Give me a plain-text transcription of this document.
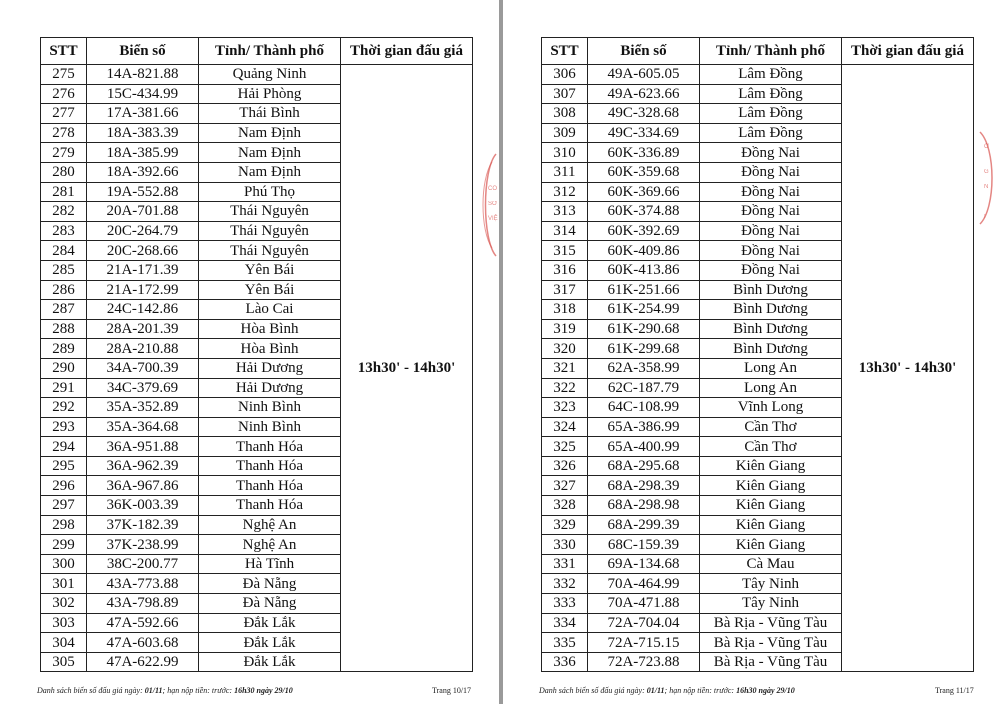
STT	Biển số	Tỉnh/ Thành phố	Thời gian đấu giá
275	14A-821.88	Quảng Ninh	13h30' - 14h30'
276	15C-434.99	Hải Phòng	
277	17A-381.66	Thái Bình	
278	18A-383.39	Nam Định	
279	18A-385.99	Nam Định	
280	18A-392.66	Nam Định	
281	19A-552.88	Phú Thọ	
282	20A-701.88	Thái Nguyên	
283	20C-264.79	Thái Nguyên	
284	20C-268.66	Thái Nguyên	
285	21A-171.39	Yên Bái	
286	21A-172.99	Yên Bái	
287	24C-142.86	Lào Cai	
288	28A-201.39	Hòa Bình	
289	28A-210.88	Hòa Bình	
290	34A-700.39	Hải Dương	
291	34C-379.69	Hải Dương	
292	35A-352.89	Ninh Bình	
293	35A-364.68	Ninh Bình	
294	36A-951.88	Thanh Hóa	
295	36A-962.39	Thanh Hóa	
296	36A-967.86	Thanh Hóa	
297	36K-003.39	Thanh Hóa	
298	37K-182.39	Nghệ An	
299	37K-238.99	Nghệ An	
300	38C-200.77	Hà Tĩnh	
301	43A-773.88	Đà Nẵng	
302	43A-798.89	Đà Nẵng	
303	47A-592.66	Đắk Lắk	
304	47A-603.68	Đắk Lắk	
305	47A-622.99	Đắk Lắk	
CÔ
SƠ
VIỆ
Danh sách biển số đấu giá ngày: 01/11; hạn nộp tiền: trước: 16h30 ngày 29/10	Trang 10/17
STT	Biển số	Tỉnh/ Thành phố	Thời gian đấu giá
306	49A-605.05	Lâm Đồng	13h30' - 14h30'
307	49A-623.66	Lâm Đồng	
308	49C-328.68	Lâm Đồng	
309	49C-334.69	Lâm Đồng	
310	60K-336.89	Đồng Nai	
311	60K-359.68	Đồng Nai	
312	60K-369.66	Đồng Nai	
313	60K-374.88	Đồng Nai	
314	60K-392.69	Đồng Nai	
315	60K-409.86	Đồng Nai	
316	60K-413.86	Đồng Nai	
317	61K-251.66	Bình Dương	
318	61K-254.99	Bình Dương	
319	61K-290.68	Bình Dương	
320	61K-299.68	Bình Dương	
321	62A-358.99	Long An	
322	62C-187.79	Long An	
323	64C-108.99	Vĩnh Long	
324	65A-386.99	Cần Thơ	
325	65A-400.99	Cần Thơ	
326	68A-295.68	Kiên Giang	
327	68A-298.39	Kiên Giang	
328	68A-298.98	Kiên Giang	
329	68A-299.39	Kiên Giang	
330	68C-159.39	Kiên Giang	
331	69A-134.68	Cà Mau	
332	70A-464.99	Tây Ninh	
333	70A-471.88	Tây Ninh	
334	72A-704.04	Bà Rịa - Vũng Tàu	
335	72A-715.15	Bà Rịa - Vũng Tàu	
336	72A-723.88	Bà Rịa - Vũng Tàu	
Ở
G
N
I
Danh sách biển số đấu giá ngày: 01/11; hạn nộp tiền: trước: 16h30 ngày 29/10	Trang 11/17
